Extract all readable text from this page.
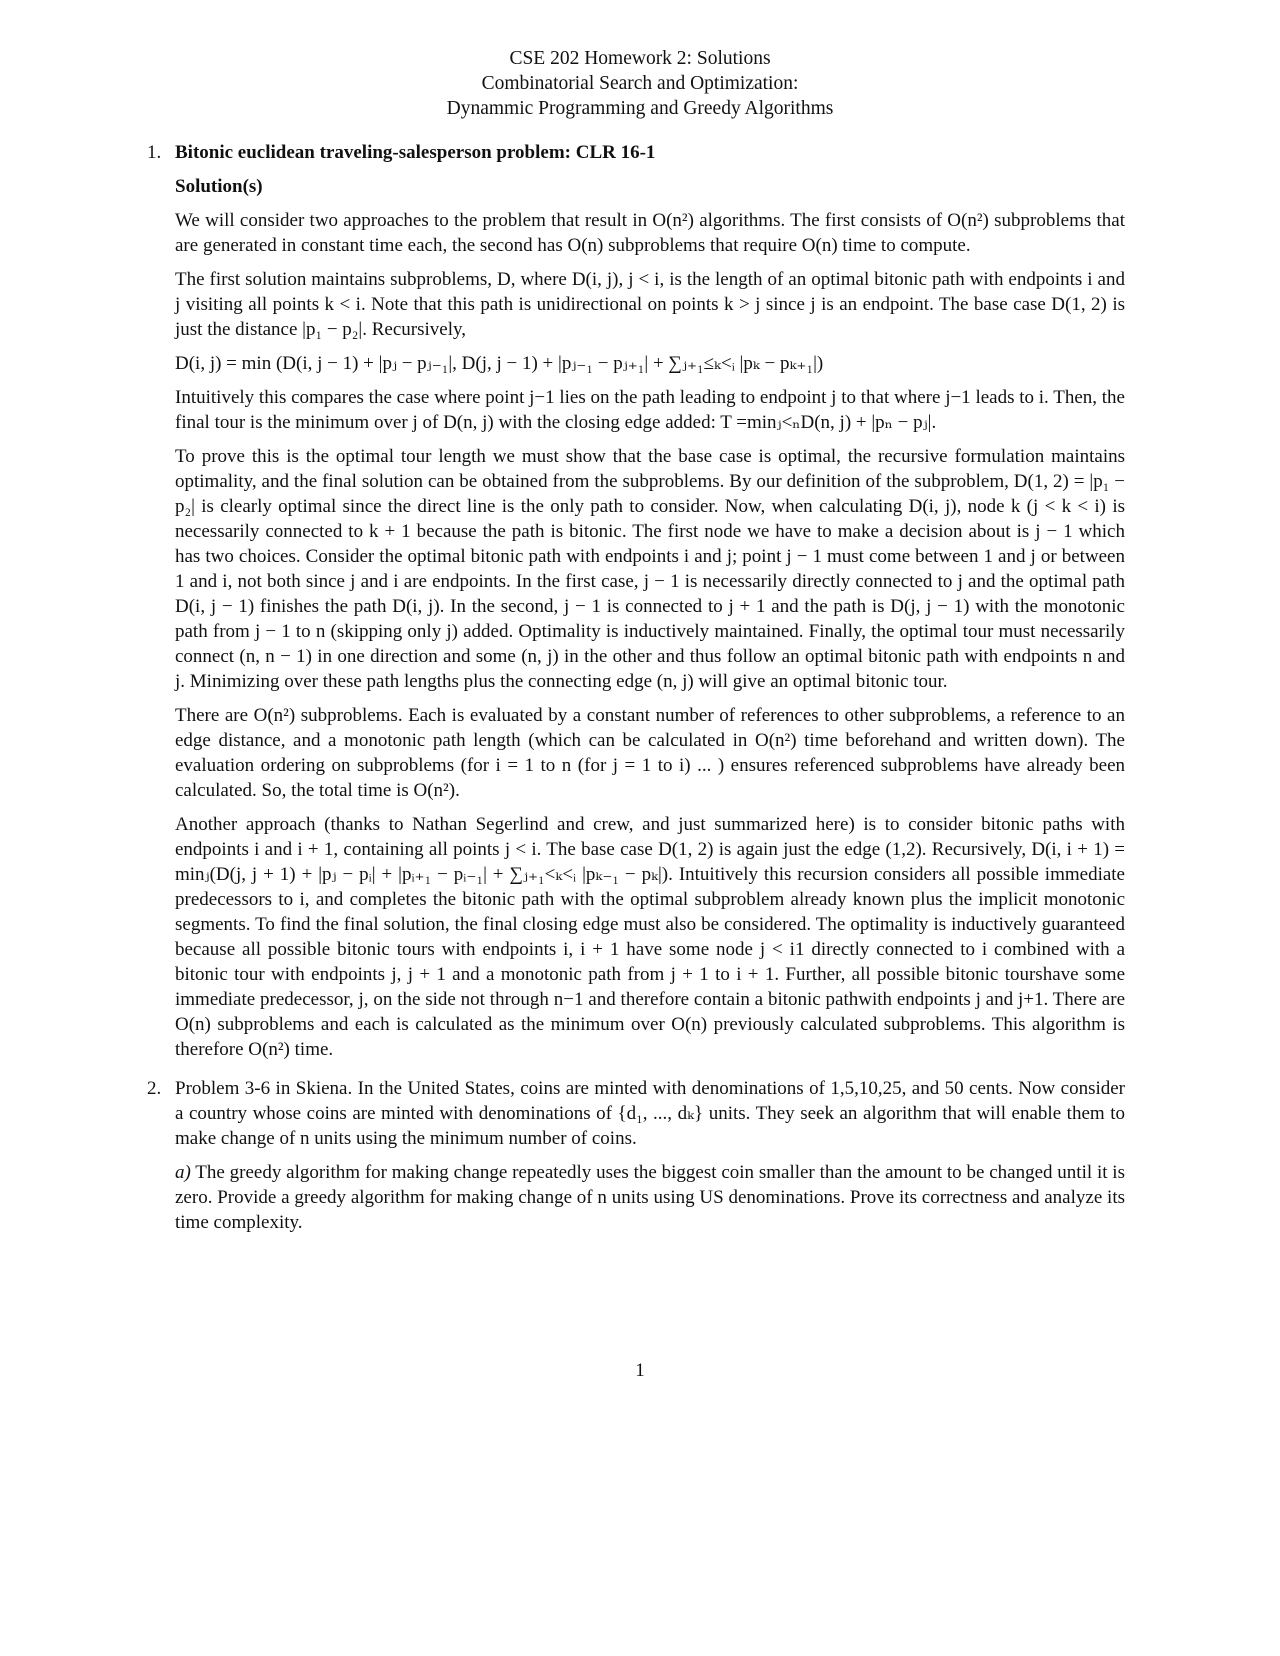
CSE 202 Homework 2: Solutions
Combinatorial Search and Optimization:
Dynammic Programming and Greedy Algorithms
1. Bitonic euclidean traveling-salesperson problem: CLR 16-1
Solution(s)

We will consider two approaches to the problem that result in O(n²) algorithms. The first consists of O(n²) subproblems that are generated in constant time each, the second has O(n) subproblems that require O(n) time to compute.

The first solution maintains subproblems, D, where D(i, j), j < i, is the length of an optimal bitonic path with endpoints i and j visiting all points k < i. Note that this path is unidirectional on points k > j since j is an endpoint. The base case D(1, 2) is just the distance |p₁ − p₂|. Recursively,

D(i, j) = min (D(i, j − 1) + |pⱼ − pⱼ₋₁|, D(j, j − 1) + |pⱼ₋₁ − pⱼ₊₁| + ∑ⱼ₊₁≤ₖ<ᵢ |pₖ − pₖ₊₁|)

Intuitively this compares the case where point j−1 lies on the path leading to endpoint j to that where j−1 leads to i. Then, the final tour is the minimum over j of D(n, j) with the closing edge added: T =minⱼ<ₙD(n, j) + |pₙ − pⱼ|.

To prove this is the optimal tour length we must show that the base case is optimal, the recursive formulation maintains optimality, and the final solution can be obtained from the subproblems. By our definition of the subproblem, D(1, 2) = |p₁ − p₂| is clearly optimal since the direct line is the only path to consider. Now, when calculating D(i, j), node k (j < k < i) is necessarily connected to k + 1 because the path is bitonic. The first node we have to make a decision about is j − 1 which has two choices. Consider the optimal bitonic path with endpoints i and j; point j − 1 must come between 1 and j or between 1 and i, not both since j and i are endpoints. In the first case, j − 1 is necessarily directly connected to j and the optimal path D(i, j − 1) finishes the path D(i, j). In the second, j − 1 is connected to j + 1 and the path is D(j, j − 1) with the monotonic path from j − 1 to n (skipping only j) added. Optimality is inductively maintained. Finally, the optimal tour must necessarily connect (n, n − 1) in one direction and some (n, j) in the other and thus follow an optimal bitonic path with endpoints n and j. Minimizing over these path lengths plus the connecting edge (n, j) will give an optimal bitonic tour.

There are O(n²) subproblems. Each is evaluated by a constant number of references to other subproblems, a reference to an edge distance, and a monotonic path length (which can be calculated in O(n²) time beforehand and written down). The evaluation ordering on subproblems (for i = 1 to n (for j = 1 to i) ... ) ensures referenced subproblems have already been calculated. So, the total time is O(n²).

Another approach (thanks to Nathan Segerlind and crew, and just summarized here) is to consider bitonic paths with endpoints i and i + 1, containing all points j < i. The base case D(1, 2) is again just the edge (1,2). Recursively, D(i, i + 1) = minⱼ(D(j, j + 1) + |pⱼ − pᵢ| + |pᵢ₊₁ − pᵢ₋₁| + ∑ⱼ₊₁<ₖ<ᵢ |pₖ₋₁ − pₖ|). Intuitively this recursion considers all possible immediate predecessors to i, and completes the bitonic path with the optimal subproblem already known plus the implicit monotonic segments. To find the final solution, the final closing edge must also be considered. The optimality is inductively guaranteed because all possible bitonic tours with endpoints i, i + 1 have some node j < i1 directly connected to i combined with a bitonic tour with endpoints j, j + 1 and a monotonic path from j + 1 to i + 1. Further, all possible bitonic tourshave some immediate predecessor, j, on the side not through n−1 and therefore contain a bitonic pathwith endpoints j and j+1. There are O(n) subproblems and each is calculated as the minimum over O(n) previously calculated subproblems. This algorithm is therefore O(n²) time.

2. Problem 3-6 in Skiena. In the United States, coins are minted with denominations of 1,5,10,25, and 50 cents. Now consider a country whose coins are minted with denominations of {d₁, ..., dₖ} units. They seek an algorithm that will enable them to make change of n units using the minimum number of coins.

a) The greedy algorithm for making change repeatedly uses the biggest coin smaller than the amount to be changed until it is zero. Provide a greedy algorithm for making change of n units using US denominations. Prove its correctness and analyze its time complexity.

1
